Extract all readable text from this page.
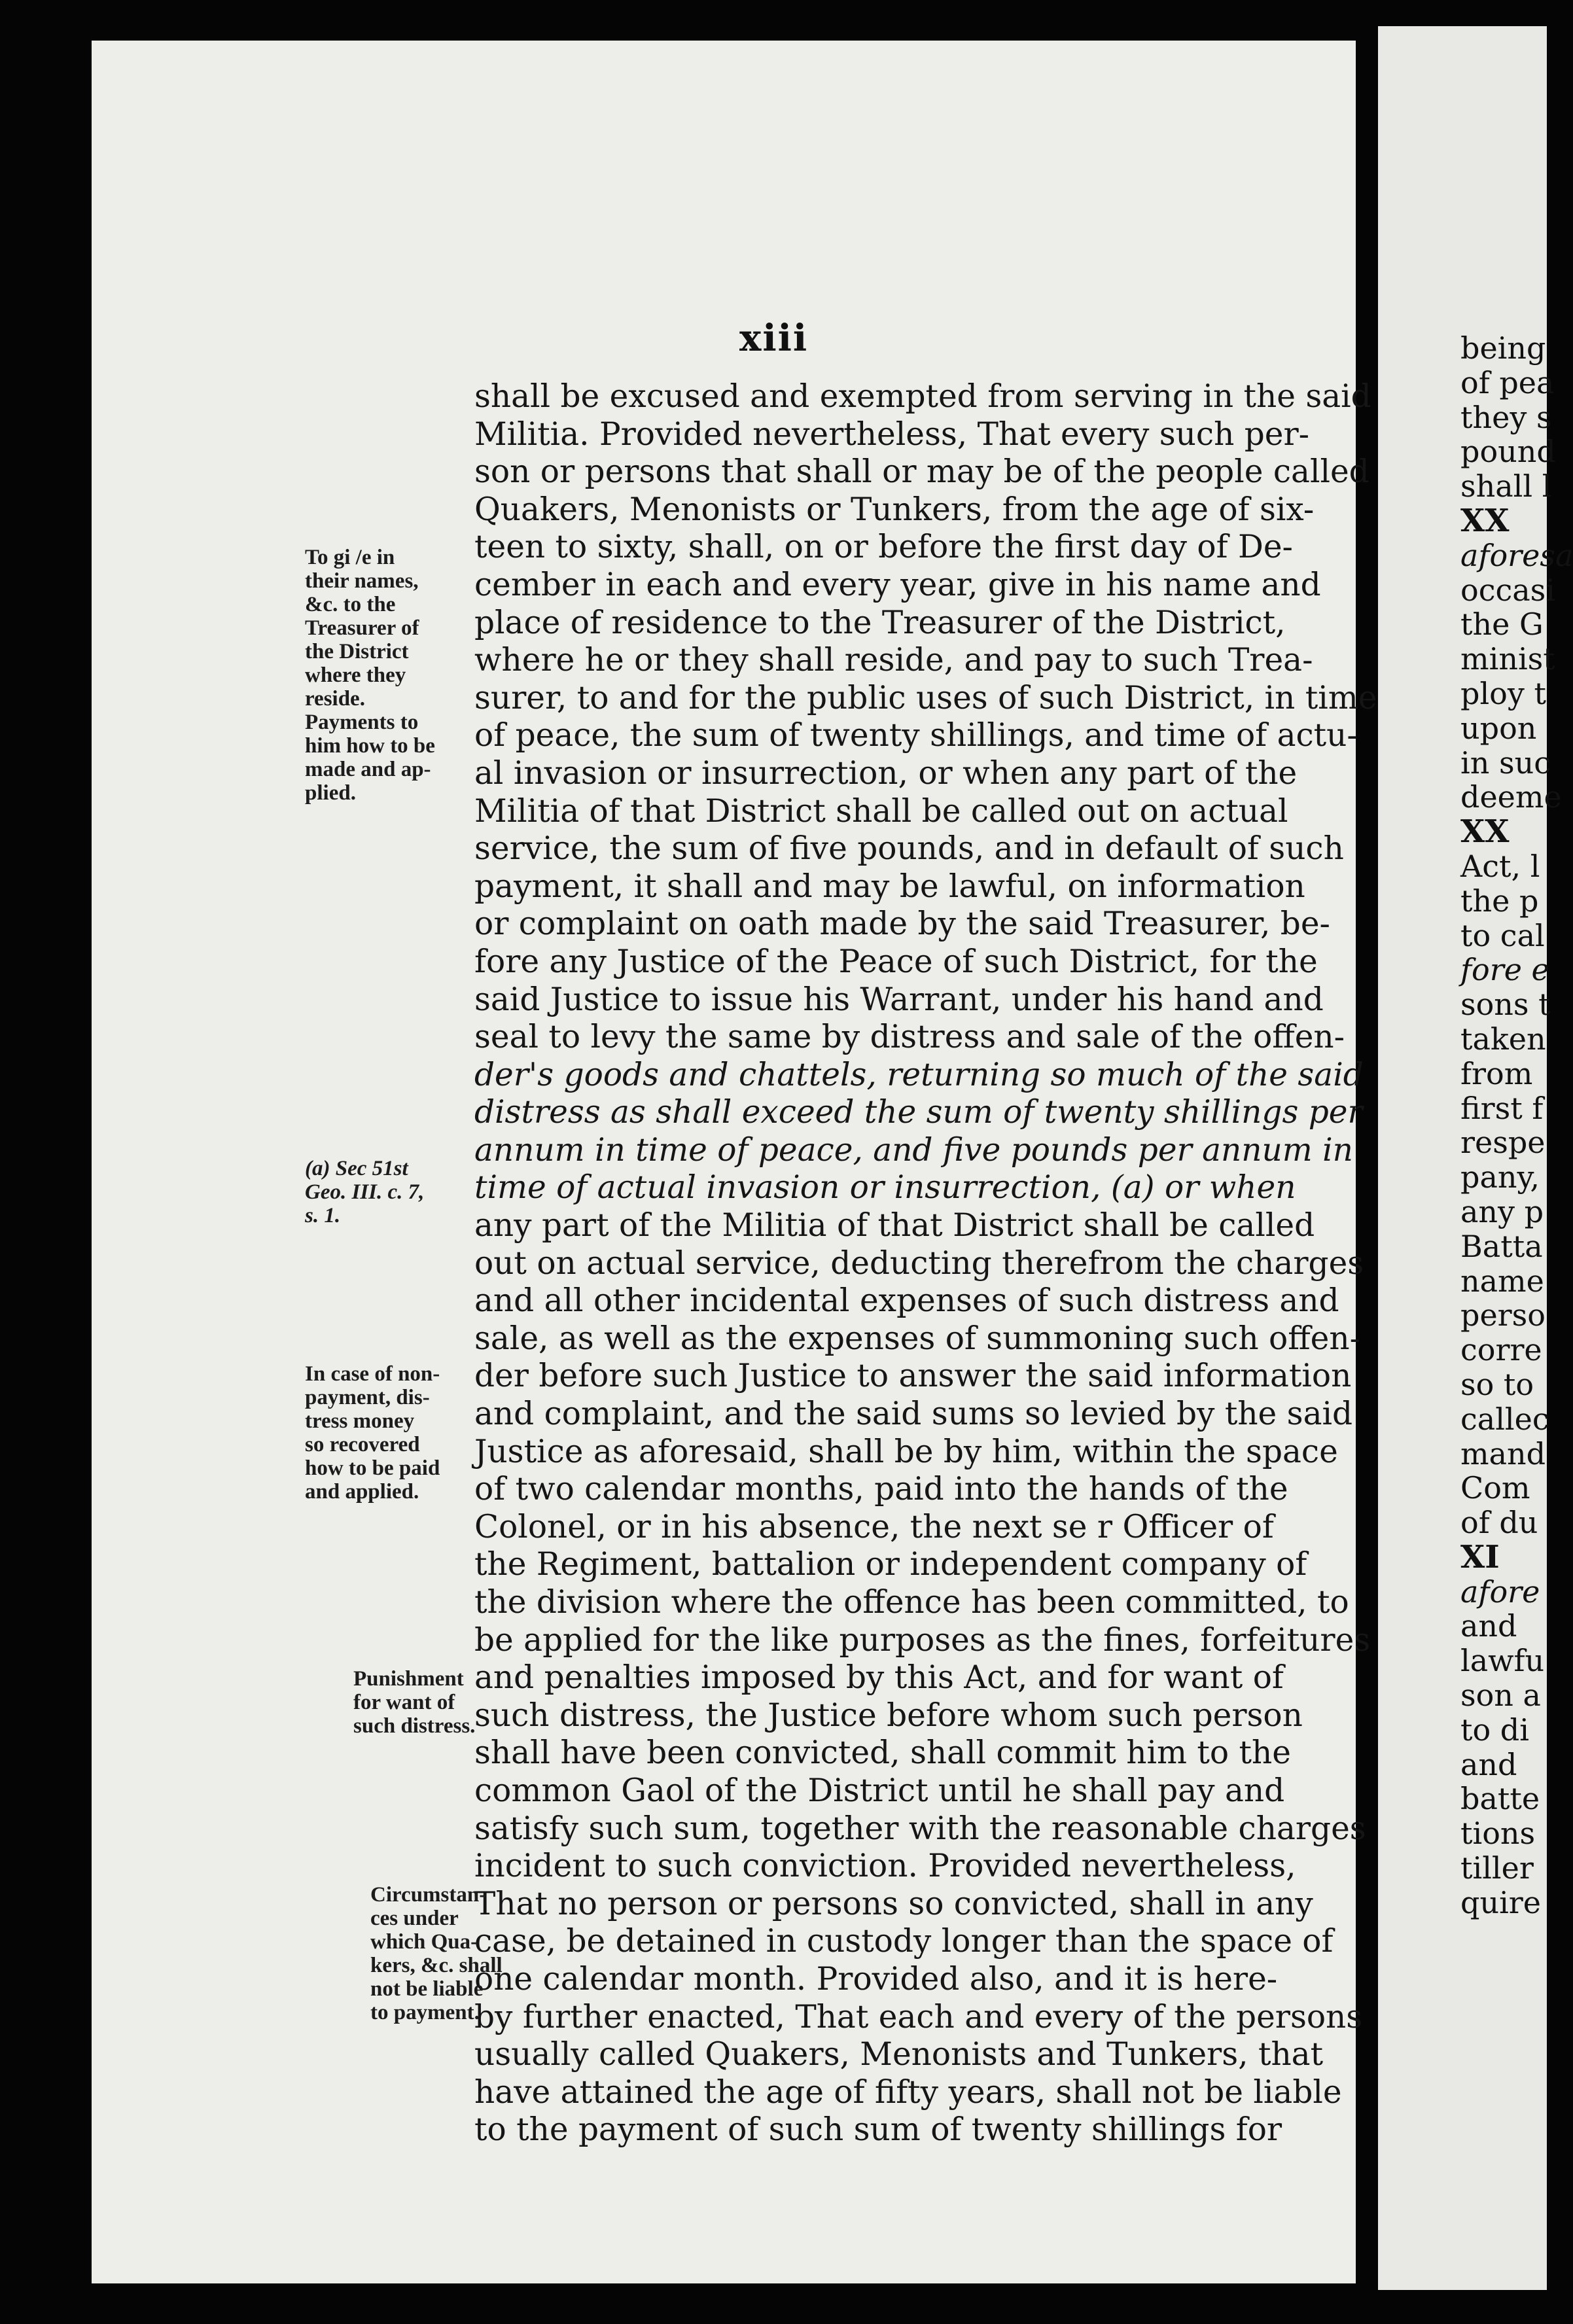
xiii
shall be excused and exempted from serving in the said
Militia. Provided nevertheless, That every such per-
son or persons that shall or may be of the people called
Quakers, Menonists or Tunkers, from the age of six-
teen to sixty, shall, on or before the first day of De-
cember in each and every year, give in his name and
place of residence to the Treasurer of the District,
where he or they shall reside, and pay to such Trea-
surer, to and for the public uses of such District, in time
of peace, the sum of twenty shillings, and time of actu-
al invasion or insurrection, or when any part of the
Militia of that District shall be called out on actual
service, the sum of five pounds, and in default of such
payment, it shall and may be lawful, on information
or complaint on oath made by the said Treasurer, be-
fore any Justice of the Peace of such District, for the
said Justice to issue his Warrant, under his hand and
seal to levy the same by distress and sale of the offen-
der's goods and chattels, returning so much of the said
distress as shall exceed the sum of twenty shillings per
annum in time of peace, and five pounds per annum in
time of actual invasion or insurrection, (a) or when
any part of the Militia of that District shall be called
out on actual service, deducting therefrom the charges
and all other incidental expenses of such distress and
sale, as well as the expenses of summoning such offen-
der before such Justice to answer the said information
and complaint, and the said sums so levied by the said
Justice as aforesaid, shall be by him, within the space
of two calendar months, paid into the hands of the
Colonel, or in his absence, the next se r Officer of
the Regiment, battalion or independent company of
the division where the offence has been committed, to
be applied for the like purposes as the fines, forfeitures
and penalties imposed by this Act, and for want of
such distress, the Justice before whom such person
shall have been convicted, shall commit him to the
common Gaol of the District until he shall pay and
satisfy such sum, together with the reasonable charges
incident to such conviction. Provided nevertheless,
That no person or persons so convicted, shall in any
case, be detained in custody longer than the space of
one calendar month. Provided also, and it is here-
by further enacted, That each and every of the persons
usually called Quakers, Menonists and Tunkers, that
have attained the age of fifty years, shall not be liable
to the payment of such sum of twenty shillings for
To gi /e in
their names,
&c. to the
Treasurer of
the District
where they
reside.
Payments to
him how to be
made and ap-
plied.
(a) Sec 51st
Geo. III. c. 7,
s. 1.
In case of non-
payment, dis-
tress money
so recovered
how to be paid
and applied.
Punishment
for want of
such distress.
Circumstan-
ces under
which Qua-
kers, &c. shall
not be liable
to payment.
being
of pea
they s
pound
shall l
XX
aforesa
occasi
the G
minist
ploy t
upon
in suc
deeme
XX
Act, l
the p
to cal
fore e
sons t
taken
from
first f
respe
pany,
any p
Batta
name
perso
corre
so to
callec
mand
Com
of du
XI
afore
and
lawfu
son a
to di
and
batte
tions
tiller
quire
